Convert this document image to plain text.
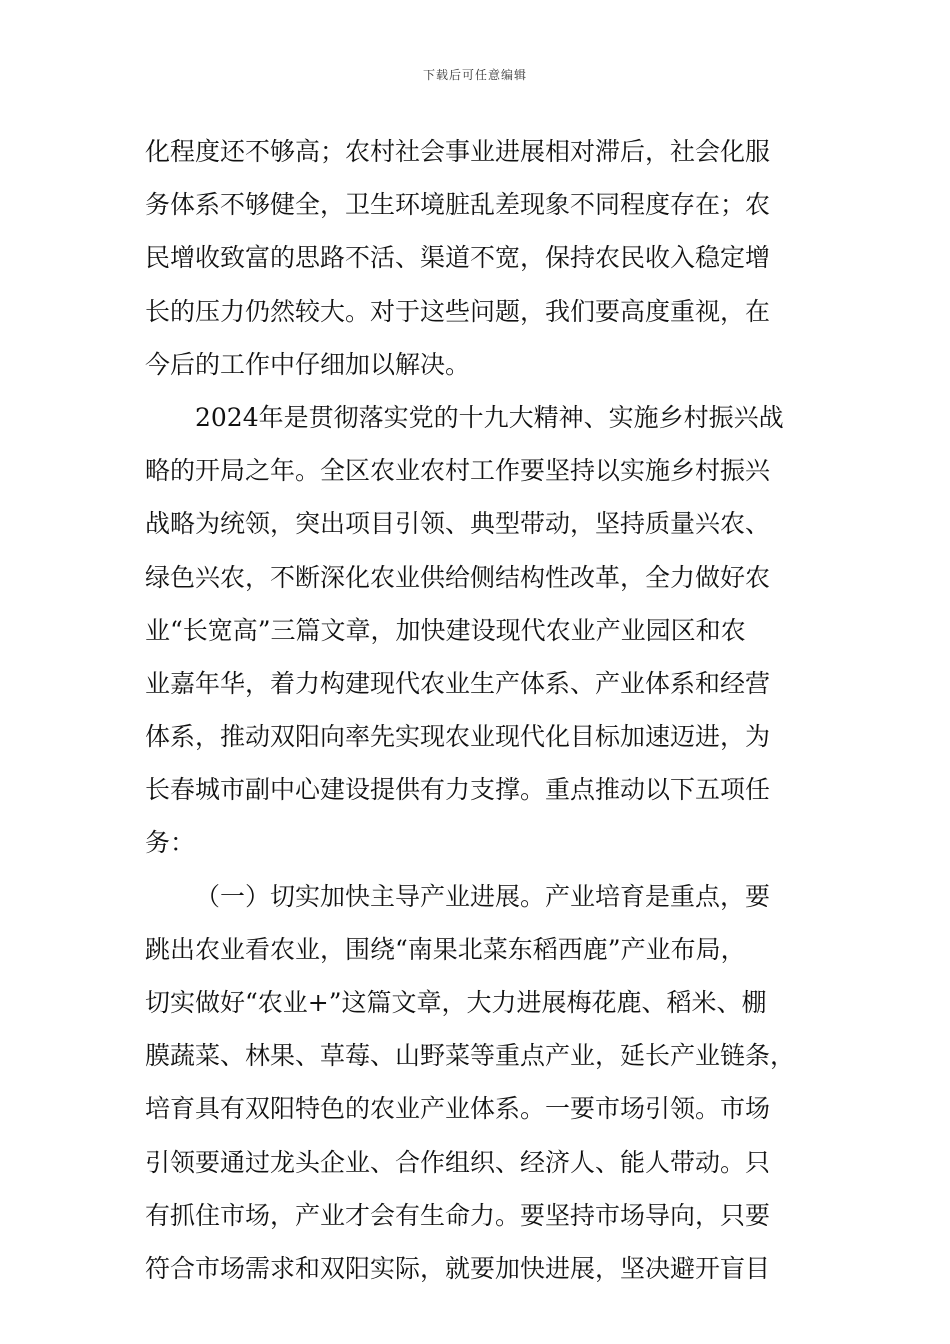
下载后可任意编辑
化程度还不够高；农村社会事业进展相对滞后，社会化服
务体系不够健全，卫生环境脏乱差现象不同程度存在；农
民增收致富的思路不活、渠道不宽，保持农民收入稳定增
长的压力仍然较大。对于这些问题，我们要高度重视，在
今后的工作中仔细加以解决。
2024年是贯彻落实党的十九大精神、实施乡村振兴战
略的开局之年。全区农业农村工作要坚持以实施乡村振兴
战略为统领，突出项目引领、典型带动，坚持质量兴农、
绿色兴农，不断深化农业供给侧结构性改革，全力做好农
业“长宽高”三篇文章，加快建设现代农业产业园区和农
业嘉年华，着力构建现代农业生产体系、产业体系和经营
体系，推动双阳向率先实现农业现代化目标加速迈进，为
长春城市副中心建设提供有力支撑。重点推动以下五项任
务：
（一）切实加快主导产业进展。产业培育是重点，要
跳出农业看农业，围绕“南果北菜东稻西鹿”产业布局，
切实做好“农业+”这篇文章，大力进展梅花鹿、稻米、棚
膜蔬菜、林果、草莓、山野菜等重点产业，延长产业链条，
培育具有双阳特色的农业产业体系。一要市场引领。市场
引领要通过龙头企业、合作组织、经济人、能人带动。只
有抓住市场，产业才会有生命力。要坚持市场导向，只要
符合市场需求和双阳实际，就要加快进展，坚决避开盲目
